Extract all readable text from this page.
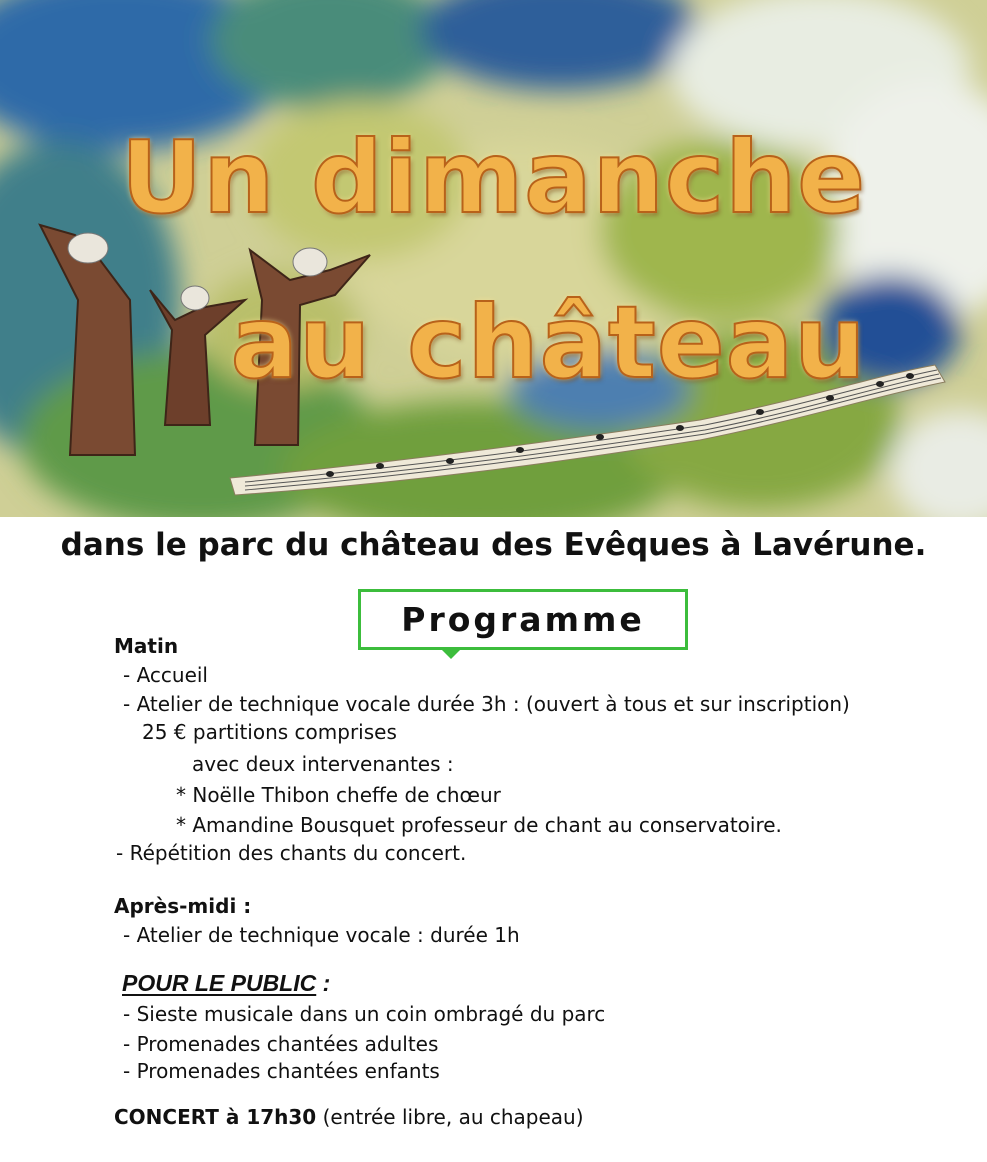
Un dimanche
au château
dans le parc du château des Evêques à Lavérune.
Programme
Matin
- Accueil
- Atelier de technique vocale durée 3h : (ouvert à tous et sur inscription)
25 € partitions comprises
avec deux intervenantes :
* Noëlle Thibon cheffe de chœur
* Amandine Bousquet professeur de chant au conservatoire.
- Répétition des chants du concert.
Après-midi :
- Atelier de technique vocale : durée 1h
POUR LE PUBLIC :
- Sieste musicale dans un coin ombragé du parc
- Promenades chantées adultes
- Promenades chantées enfants
CONCERT à 17h30 (entrée libre, au chapeau)
